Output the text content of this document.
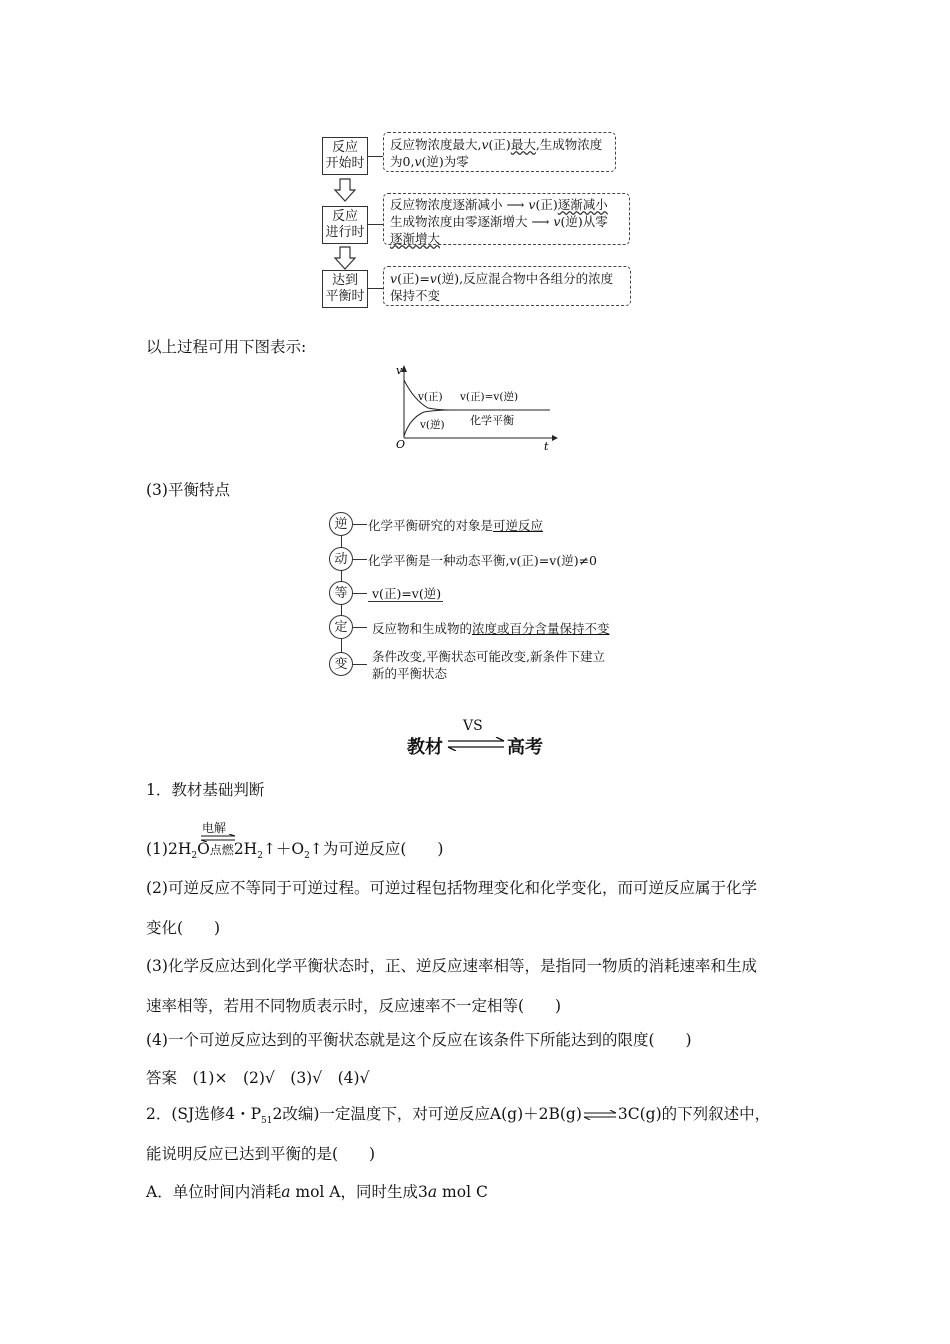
反应
开始时
反应物浓度最大,v(正)最大,生成物浓度
为0,v(逆)为零
反应
进行时
反应物浓度逐渐减小 ⟶ v(正)逐渐减小
生成物浓度由零逐渐增大 ⟶ v(逆)从零
逐渐增大
达到
平衡时
v(正)=v(逆),反应混合物中各组分的浓度
保持不变
以上过程可用下图表示:
v
t
O
v(正)
v(逆)
v(正)=v(逆)
化学平衡
(3)平衡特点
逆	化学平衡研究的对象是可逆反应
动	化学平衡是一种动态平衡,v(正)=v(逆)≠0
等	v(正)=v(逆)
定	反应物和生成物的浓度或百分含量保持不变
变
条件改变,平衡状态可能改变,新条件下建立
新的平衡状态
教材
VS
⇌ 高考
1．教材基础判断
电解
$(1)2H_2O$点燃$2H_2↑+O_2↑$为可逆反应(　　)
(2)可逆反应不等同于可逆过程。可逆过程包括物理变化和化学变化，而可逆反应属于化学
变化(　　)
(3)化学反应达到化学平衡状态时，正、逆反应速率相等，是指同一物质的消耗速率和生成
速率相等，若用不同物质表示时，反应速率不一定相等(　　)
(4)一个可逆反应达到的平衡状态就是这个反应在该条件下所能达到的限度(　　)
答案　(1)×　(2)√　(3)√　(4)√
2．(SJ选修4・$P_{51}2$改编)一定温度下，对可逆反应A(g)＋2B(g)⇌3C(g)的下列叙述中，
能说明反应已达到平衡的是(　　)
A．单位时间内消耗a mol A，同时生成3a mol C
